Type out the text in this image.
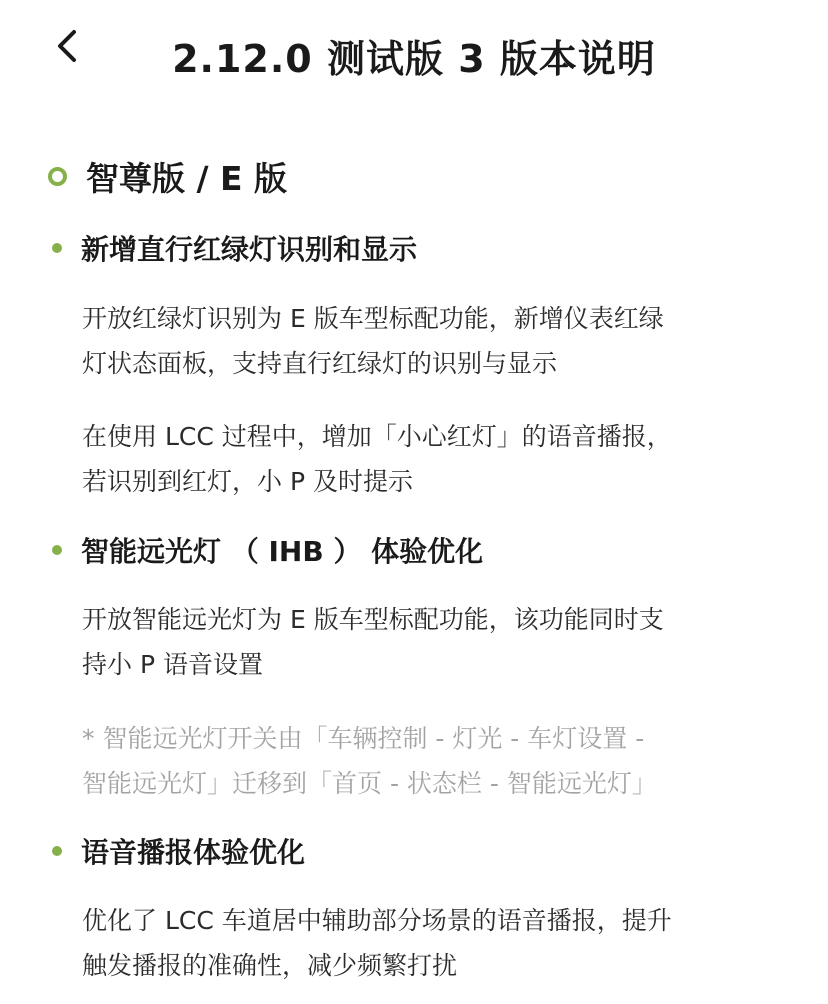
2.12.0 测试版 3 版本说明
智尊版 / E 版
新增直行红绿灯识别和显示
开放红绿灯识别为 E 版车型标配功能，新增仪表红绿
灯状态面板，支持直行红绿灯的识别与显示
在使用 LCC 过程中，增加「小心红灯」的语音播报，
若识别到红灯，小 P 及时提示
智能远光灯 （ IHB ） 体验优化
开放智能远光灯为 E 版车型标配功能，该功能同时支
持小 P 语音设置
* 智能远光灯开关由「车辆控制 - 灯光 - 车灯设置 -
智能远光灯」迁移到「首页 - 状态栏 - 智能远光灯」
语音播报体验优化
优化了 LCC 车道居中辅助部分场景的语音播报，提升
触发播报的准确性，减少频繁打扰
